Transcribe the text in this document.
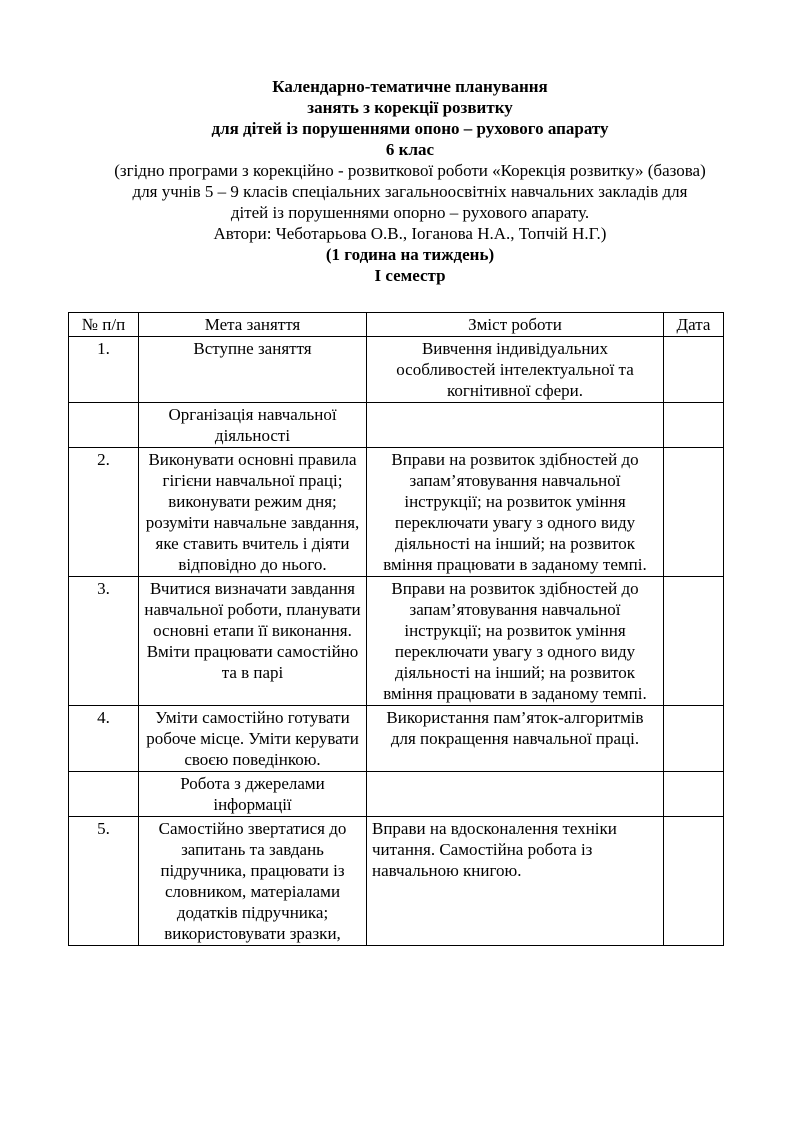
Календарно-тематичне планування
занять з корекції розвитку
для дітей із порушеннями опоно – рухового апарату
6 клас
(згідно програми з корекційно - розвиткової роботи «Корекція розвитку» (базова)
для учнів 5 – 9 класів спеціальних загальноосвітніх навчальних закладів для
дітей із порушеннями опорно – рухового апарату.
Автори: Чеботарьова О.В., Іоганова Н.А., Топчій Н.Г.)
(1 година на тиждень)
І семестр
№ п/п	Мета заняття	Зміст роботи	Дата
1.	Вступне заняття	Вивчення індивідуальних особливостей інтелектуальної та когнітивної сфери.	
	Організація навчальної діяльності		
2.	Виконувати основні правила гігієни навчальної праці; виконувати режим дня; розуміти навчальне завдання, яке ставить вчитель і діяти відповідно до нього.	Вправи на розвиток здібностей до запам’ятовування навчальної інструкції; на розвиток уміння переключати увагу з одного виду діяльності на інший; на розвиток вміння працювати в заданому темпі.	
3.	Вчитися визначати завдання навчальної роботи, планувати основні етапи її виконання. Вміти працювати самостійно та в парі	Вправи на розвиток здібностей до запам’ятовування навчальної інструкції; на розвиток уміння переключати увагу з одного виду діяльності на інший; на розвиток вміння працювати в заданому темпі.	
4.	Уміти самостійно готувати робоче місце. Уміти керувати своєю поведінкою.	Використання пам’яток-алгоритмів для покращення навчальної праці.	
	Робота з джерелами інформації		
5.	Самостійно звертатися до запитань та завдань підручника, працювати із словником, матеріалами додатків підручника; використовувати зразки,	Вправи на вдосконалення техніки читання. Самостійна робота із навчальною книгою.	
